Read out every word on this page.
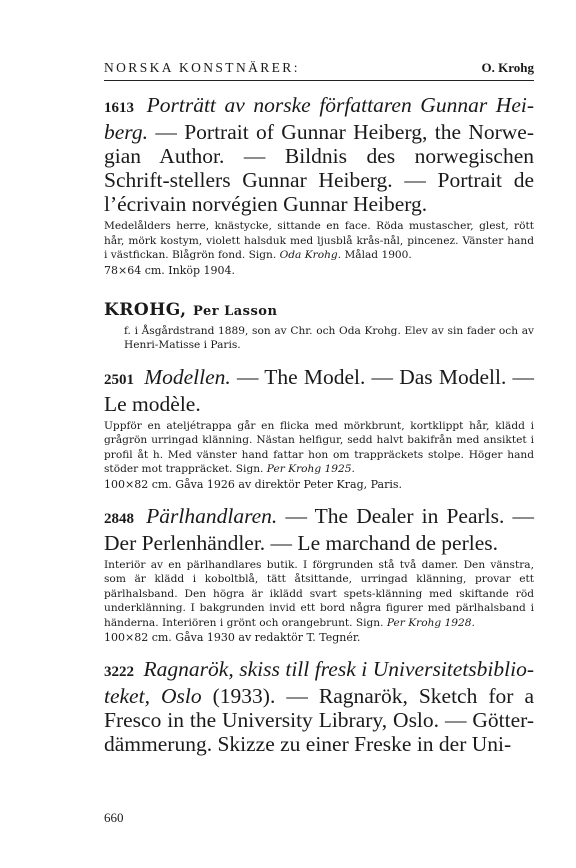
NORSKA KONSTNÄRER:	O. Krohg
1613 Porträtt av norske författaren Gunnar Hei-berg. — Portrait of Gunnar Heiberg, the Norwe-gian Author. — Bildnis des norwegischen Schrift-stellers Gunnar Heiberg. — Portrait de l’écrivain norvégien Gunnar Heiberg.
Medelålders herre, knästycke, sittande en face. Röda mustascher, glest, rött hår, mörk kostym, violett halsduk med ljusblå krås-nål, pincenez. Vänster hand i västfickan. Blågrön fond. Sign. Oda Krohg. Målad 1900.
78×64 cm. Inköp 1904.
KROHG, Per Lasson
f. i Åsgårdstrand 1889, son av Chr. och Oda Krohg. Elev av sin fader och av Henri-Matisse i Paris.
2501 Modellen. — The Model. — Das Modell. — Le modèle.
Uppför en ateljétrappa går en flicka med mörkbrunt, kortklippt hår, klädd i grågrön urringad klänning. Nästan helfigur, sedd halvt bakifrån med ansiktet i profil åt h. Med vänster hand fattar hon om trappräckets stolpe. Höger hand stöder mot trappräcket. Sign. Per Krohg 1925.
100×82 cm. Gåva 1926 av direktör Peter Krag, Paris.
2848 Pärlhandlaren. — The Dealer in Pearls. — Der Perlenhändler. — Le marchand de perles.
Interiör av en pärlhandlares butik. I förgrunden stå två damer. Den vänstra, som är klädd i koboltblå, tätt åtsittande, urringad klänning, provar ett pärlhalsband. Den högra är iklädd svart spets-klänning med skiftande röd underklänning. I bakgrunden invid ett bord några figurer med pärlhalsband i händerna. Interiören i grönt och orangebrunt. Sign. Per Krohg 1928.
100×82 cm. Gåva 1930 av redaktör T. Tegnér.
3222 Ragnarök, skiss till fresk i Universitetsbiblio-teket, Oslo (1933). — Ragnarök, Sketch for a Fresco in the University Library, Oslo. — Götter-dämmerung. Skizze zu einer Freske in der Uni-
660
